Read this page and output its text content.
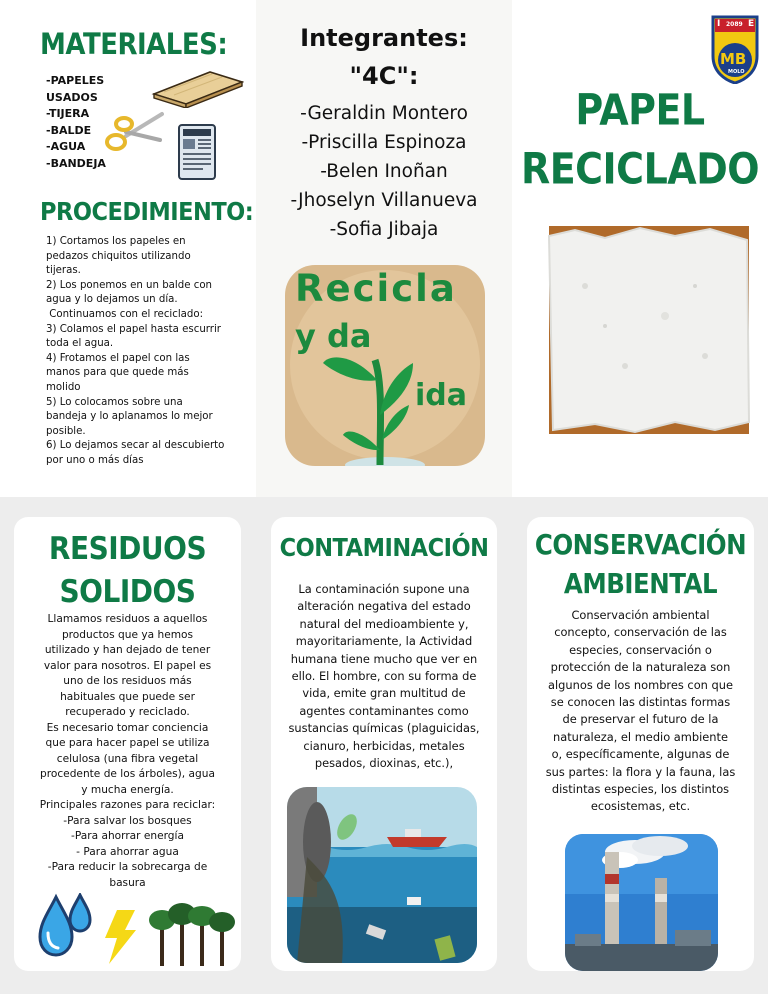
MATERIALES:
-PAPELES
USADOS
-TIJERA
-BALDE
-AGUA
-BANDEJA
PROCEDIMIENTO:
1) Cortamos los papeles en
pedazos chiquitos utilizando
tijeras.
2) Los ponemos en un balde con
agua y lo dejamos un día.
Continuamos con el reciclado:
3) Colamos el papel hasta escurrir
toda el agua.
4) Frotamos el papel con las
manos para que quede más
molido
5) Lo colocamos sobre una
bandeja y lo aplanamos lo mejor
posible.
6) Lo dejamos secar al descubierto
por uno o más días
Integrantes:
"4C":
-Geraldin Montero
-Priscilla Espinoza
-Belen Inoñan
-Jhoselyn Villanueva
-Sofia Jibaja
Recicla
y da
ida
I 2089 E
MB
MOLO
PAPEL
RECICLADO
RESIDUOS
SOLIDOS
Llamamos residuos a aquellos
productos que ya hemos
utilizado y han dejado de tener
valor para nosotros. El papel es
uno de los residuos más
habituales que puede ser
recuperado y reciclado.
Es necesario tomar conciencia
que para hacer papel se utiliza
celulosa (una fibra vegetal
procedente de los árboles), agua
y mucha energía.
Principales razones para reciclar:
-Para salvar los bosques
-Para ahorrar energía
- Para ahorrar agua
-Para reducir la sobrecarga de
basura
CONTAMINACIÓN
La contaminación supone una
alteración negativa del estado
natural del medioambiente y,
mayoritariamente, la Actividad
humana tiene mucho que ver en
ello. El hombre, con su forma de
vida, emite gran multitud de
agentes contaminantes como
sustancias químicas (plaguicidas,
cianuro, herbicidas, metales
pesados, dioxinas, etc.),
CONSERVACIÓN
AMBIENTAL
Conservación ambiental
concepto, conservación de las
especies, conservación o
protección de la naturaleza son
algunos de los nombres con que
se conocen las distintas formas
de preservar el futuro de la
naturaleza, el medio ambiente
o, específicamente, algunas de
sus partes: la flora y la fauna, las
distintas especies, los distintos
ecosistemas, etc.
